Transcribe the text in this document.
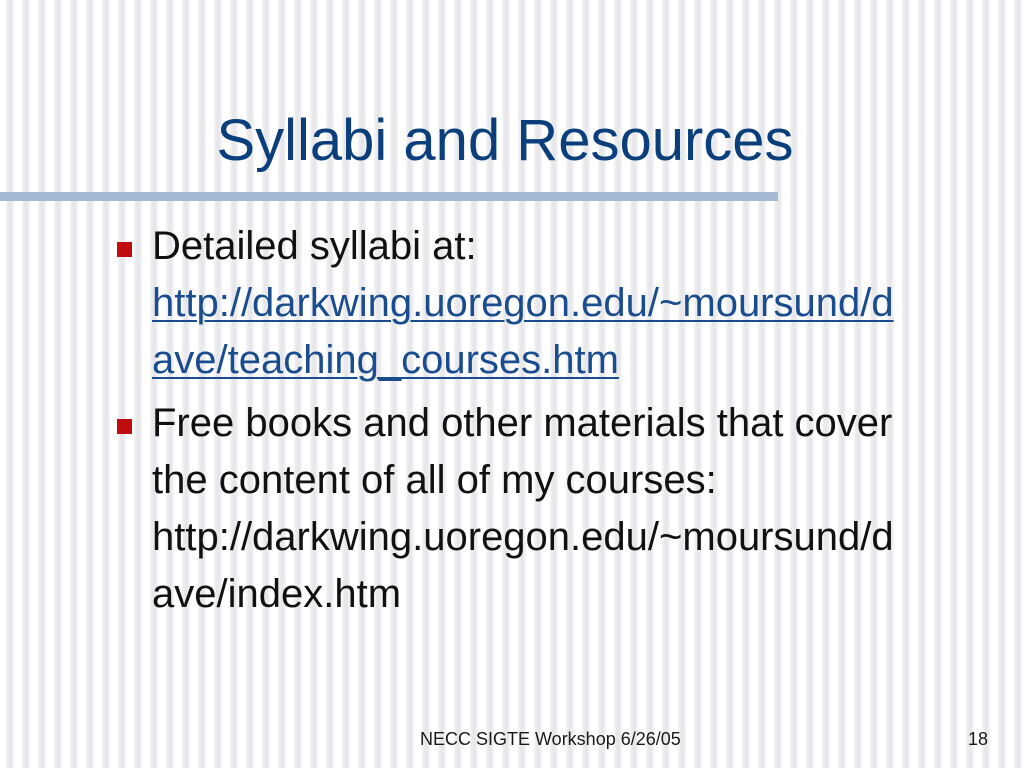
Syllabi and Resources
Detailed syllabi at:
http://darkwing.uoregon.edu/~moursund/d
ave/teaching_courses.htm
Free books and other materials that cover
the content of all of my courses:
http://darkwing.uoregon.edu/~moursund/d
ave/index.htm
NECC SIGTE Workshop 6/26/05	18
